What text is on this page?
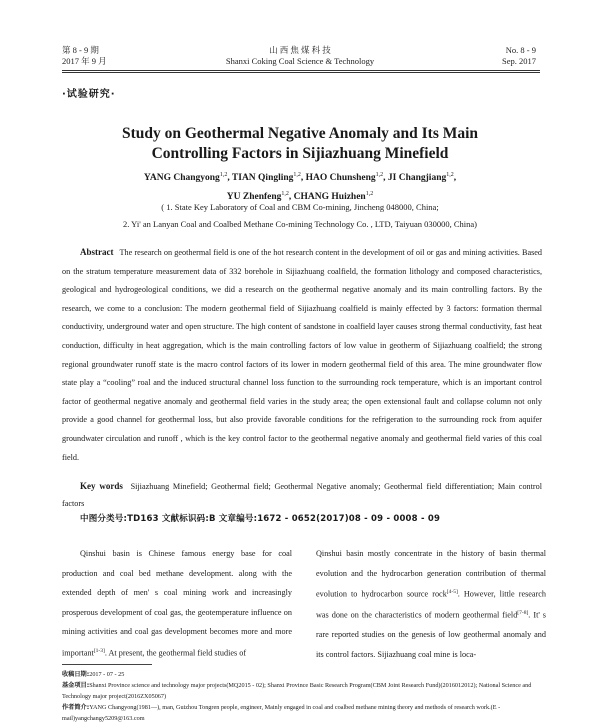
第 8 - 9 期
2017 年 9 月
山 西 焦 煤 科 技
Shanxi Coking Coal Science & Technology
No. 8 - 9
Sep. 2017
·试验研究·
Study on Geothermal Negative Anomaly and Its Main
Controlling Factors in Sijiazhuang Minefield
YANG Changyong$^{1,2}$, TIAN Qingling$^{1,2}$, HAO Chunsheng$^{1,2}$, JI Changjiang$^{1,2}$,
YU Zhenfeng$^{1,2}$, CHANG Huizhen$^{1,2}$
( 1. State Key Laboratory of Coal and CBM Co-mining, Jincheng 048000, China;
2. Yi' an Lanyan Coal and Coalbed Methane Co-mining Technology Co. , LTD, Taiyuan 030000, China)
Abstract The research on geothermal field is one of the hot research content in the development of oil or gas and mining activities. Based on the stratum temperature measurement data of 332 borehole in Sijiazhuang coalfield, the formation lithology and composed characteristics, geological and hydrogeological conditions, we did a research on the geothermal negative anomaly and its main controlling factors. By the research, we come to a conclusion: The modern geothermal field of Sijiazhuang coalfield is mainly effected by 3 factors: formation thermal conductivity, underground water and open structure. The high content of sandstone in coalfield layer causes strong thermal conductivity, fast heat conduction, difficulty in heat aggregation, which is the main controlling factors of low value in geotherm of Sijiazhuang coalfield; the strong regional groundwater runoff state is the macro control factors of its lower in modern geothermal field of this area. The mine groundwater flow state play a “cooling” roal and the induced structural channel loss function to the surrounding rock temperature, which is an important control factor of geothermal negative anomaly and geothermal field varies in the study area; the open extensional fault and collapse column not only provide a good channel for geothermal loss, but also provide favorable conditions for the refrigeration to the surrounding rock from aquifer groundwater circulation and runoff , which is the key control factor to the geothermal negative anomaly and geothermal field varies of this coal field.
Key words Sijiazhuang Minefield; Geothermal field; Geothermal Negative anomaly; Geothermal field differentiation; Main control factors
中图分类号:TD163 文献标识码:B 文章编号:1672 - 0652(2017)08 - 09 - 0008 - 09
Qinshui basin is Chinese famous energy base for coal production and coal bed methane development. along with the extended depth of men' s coal mining work and increasingly prosperous development of coal gas, the geotemperature influence on mining activities and coal gas development becomes more and more important[1-3]. At present, the geothermal field studies of
Qinshui basin mostly concentrate in the history of basin thermal evolution and the hydrocarbon generation contribution of thermal evolution to hydrocarbon source rock[4-5]. However, little research was done on the characteristics of modern geothermal field[7-8]. It' s rare reported studies on the genesis of low geothermal anomaly and its control factors. Sijiazhuang coal mine is loca-
收稿日期:2017 - 07 - 25
基金项目:Shanxi Province science and technology major projects(MQ2015 - 02); Shanxi Province Basic Research Program(CBM Joint Research Fund)(2016012012); National Science and Technology major project(2016ZX05067)
作者简介:YANG Changyong(1981—), man, Guizhou Tongren people, engineer, Mainly engaged in coal and coalbed methane mining theory and methods of research work.(E - mail)yangchangy5209@163.com
